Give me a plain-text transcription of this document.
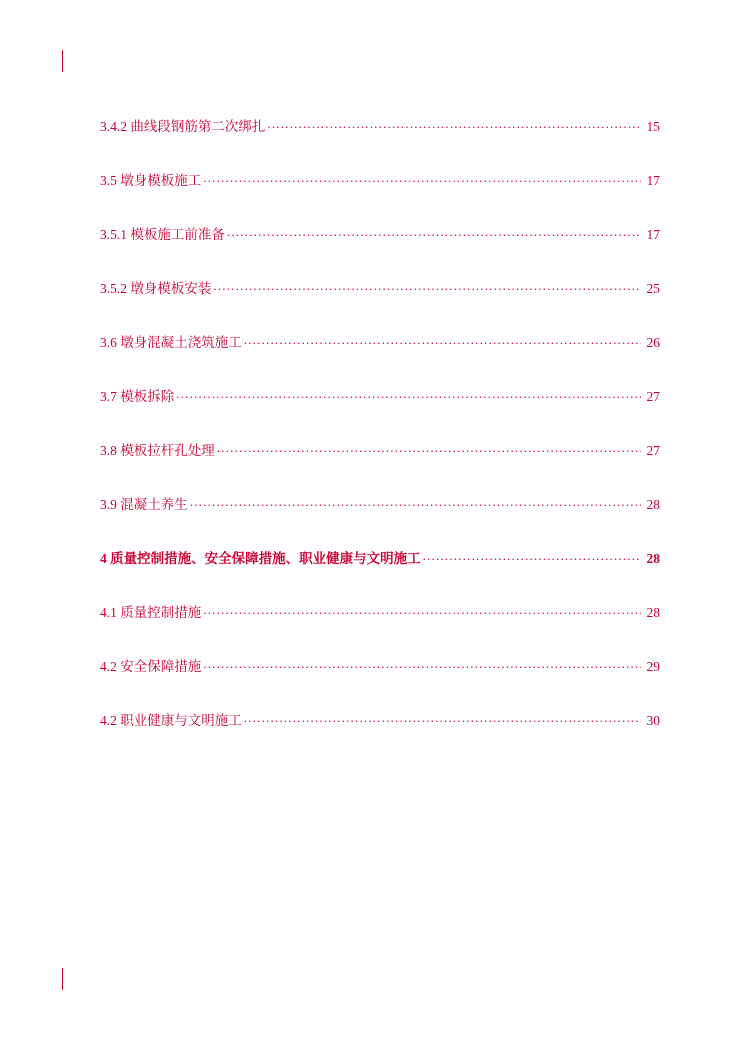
3.4.2 曲线段钢筋第二次绑扎 .....	15
3.5 墩身模板施工 .....	17
3.5.1 模板施工前准备 .....	17
3.5.2 墩身模板安装 .....	25
3.6 墩身混凝土浇筑施工 .....	26
3.7 模板拆除 .....	27
3.8 模板拉杆孔处理 .....	27
3.9 混凝土养生 .....	28
4 质量控制措施、安全保障措施、职业健康与文明施工 .....	28
4.1 质量控制措施 .....	28
4.2 安全保障措施 .....	29
4.2 职业健康与文明施工 .....	30
